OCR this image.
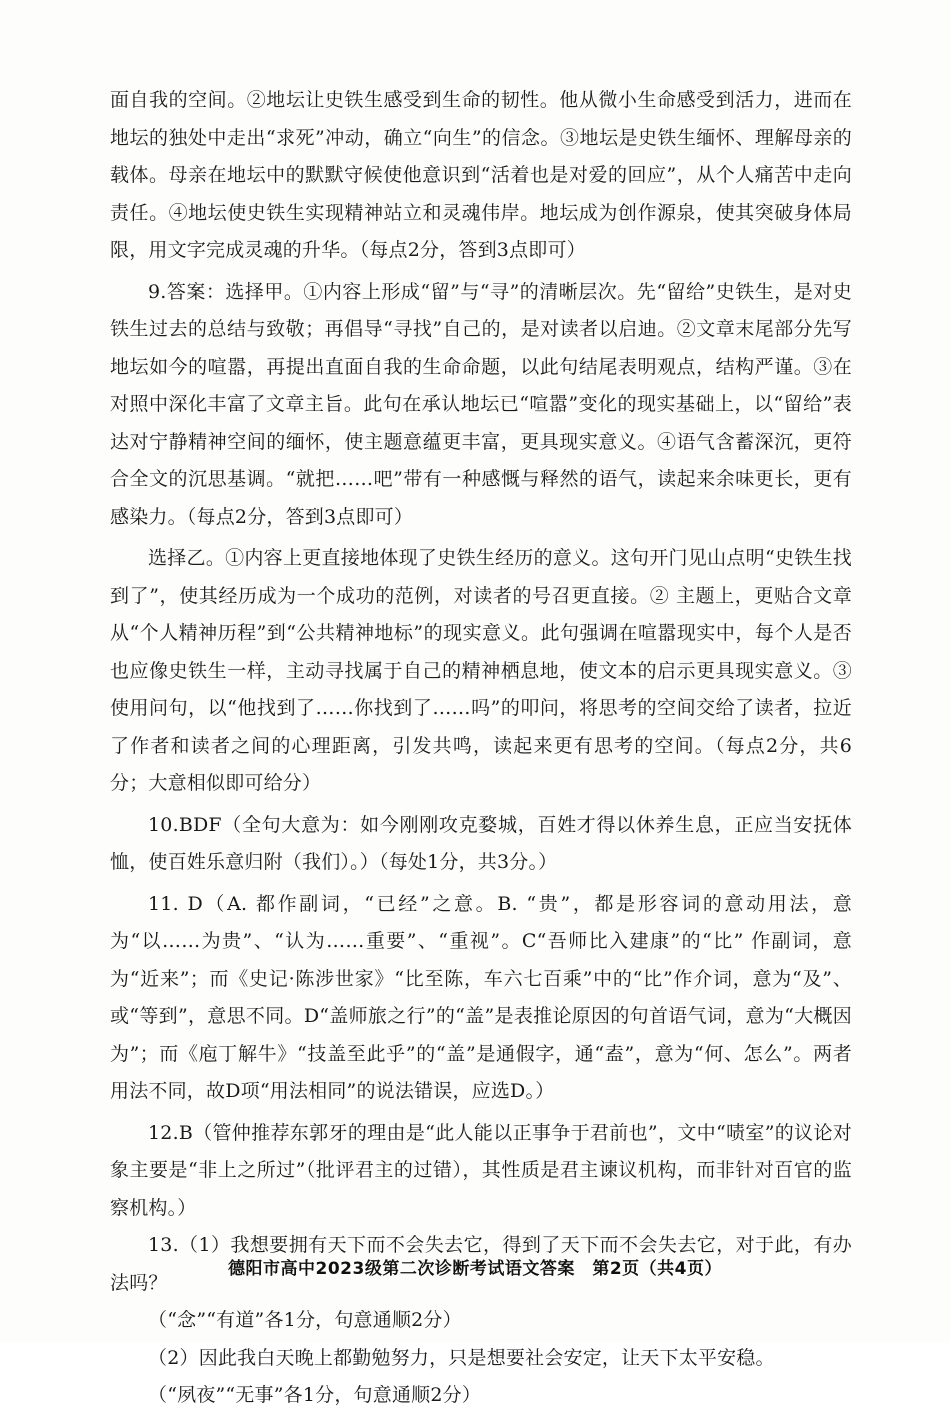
面自我的空间。②地坛让史铁生感受到生命的韧性。他从微小生命感受到活力，进而在地坛的独处中走出“求死”冲动，确立“向生”的信念。③地坛是史铁生缅怀、理解母亲的载体。母亲在地坛中的默默守候使他意识到“活着也是对爱的回应”，从个人痛苦中走向责任。④地坛使史铁生实现精神站立和灵魂伟岸。地坛成为创作源泉，使其突破身体局限，用文字完成灵魂的升华。（每点2分，答到3点即可）

9.答案：选择甲。①内容上形成“留”与“寻”的清晰层次。先“留给”史铁生，是对史铁生过去的总结与致敬；再倡导“寻找”自己的，是对读者以启迪。②文章末尾部分先写地坛如今的喧嚣，再提出直面自我的生命命题，以此句结尾表明观点，结构严谨。③在对照中深化丰富了文章主旨。此句在承认地坛已“喧嚣”变化的现实基础上，以“留给”表达对宁静精神空间的缅怀，使主题意蕴更丰富，更具现实意义。④语气含蓄深沉，更符合全文的沉思基调。“就把……吧”带有一种感慨与释然的语气，读起来余味更长，更有感染力。（每点2分，答到3点即可）

选择乙。①内容上更直接地体现了史铁生经历的意义。这句开门见山点明“史铁生找到了”，使其经历成为一个成功的范例，对读者的号召更直接。② 主题上，更贴合文章从“个人精神历程”到“公共精神地标”的现实意义。此句强调在喧嚣现实中，每个人是否也应像史铁生一样，主动寻找属于自己的精神栖息地，使文本的启示更具现实意义。③ 使用问句，以“他找到了……你找到了……吗”的叩问，将思考的空间交给了读者，拉近了作者和读者之间的心理距离，引发共鸣，读起来更有思考的空间。（每点2分，共6分；大意相似即可给分）

10.BDF（全句大意为：如今刚刚攻克婺城，百姓才得以休养生息，正应当安抚体恤，使百姓乐意归附（我们）。）（每处1分，共3分。）

11. D（A. 都作副词，“已经”之意。B. “贵”，都是形容词的意动用法，意为“以……为贵”、“认为……重要”、“重视”。C“吾师比入建康”的“比” 作副词，意为“近来”；而《史记·陈涉世家》“比至陈，车六七百乘”中的“比”作介词，意为“及”、或“等到”，意思不同。D“盖师旅之行”的“盖”是表推论原因的句首语气词，意为“大概因为”；而《庖丁解牛》“技盖至此乎”的“盖”是通假字，通“盍”，意为“何、怎么”。两者用法不同，故D项“用法相同”的说法错误，应选D。）

12.B（管仲推荐东郭牙的理由是“此人能以正事争于君前也”，文中“啧室”的议论对象主要是“非上之所过”（批评君主的过错），其性质是君主谏议机构，而非针对百官的监察机构。）

13.（1）我想要拥有天下而不会失去它，得到了天下而不会失去它，对于此，有办法吗？

（“念”“有道”各1分，句意通顺2分）

（2）因此我白天晚上都勤勉努力，只是想要社会安定，让天下太平安稳。

（“夙夜”“无事”各1分，句意通顺2分）

德阳市高中2023级第二次诊断考试语文答案　第2页（共4页）
